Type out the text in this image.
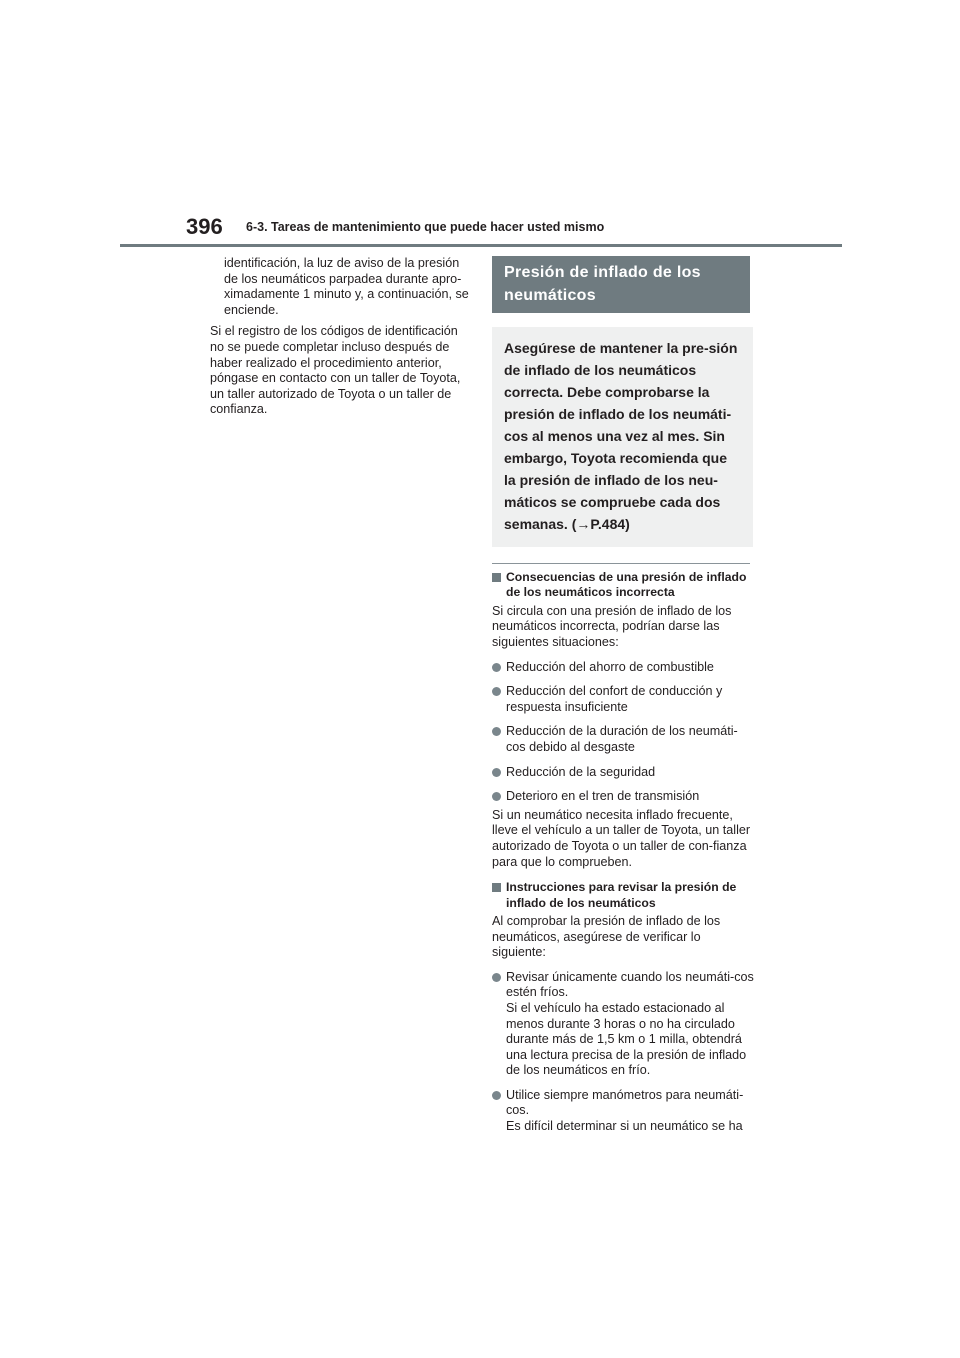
396 6-3. Tareas de mantenimiento que puede hacer usted mismo

identificación, la luz de aviso de la presión de los neumáticos parpadea durante apro-ximadamente 1 minuto y, a continuación, se enciende.

Si el registro de los códigos de identificación no se puede completar incluso después de haber realizado el procedimiento anterior, póngase en contacto con un taller de Toyota, un taller autorizado de Toyota o un taller de confianza.

Presión de inflado de los neumáticos
Asegúrese de mantener la pre-sión de inflado de los neumáticos correcta. Debe comprobarse la presión de inflado de los neumáti-cos al menos una vez al mes. Sin embargo, Toyota recomienda que la presión de inflado de los neu-máticos se compruebe cada dos semanas. (→P.484)
Consecuencias de una presión de inflado de los neumáticos incorrecta
Si circula con una presión de inflado de los neumáticos incorrecta, podrían darse las siguientes situaciones:
Reducción del ahorro de combustible
Reducción del confort de conducción y respuesta insuficiente
Reducción de la duración de los neumáti-cos debido al desgaste
Reducción de la seguridad
Deterioro en el tren de transmisión
Si un neumático necesita inflado frecuente, lleve el vehículo a un taller de Toyota, un taller autorizado de Toyota o un taller de con-fianza para que lo comprueben.
Instrucciones para revisar la presión de inflado de los neumáticos
Al comprobar la presión de inflado de los neumáticos, asegúrese de verificar lo siguiente:
Revisar únicamente cuando los neumáti-cos estén fríos.
Si el vehículo ha estado estacionado al menos durante 3 horas o no ha circulado durante más de 1,5 km o 1 milla, obtendrá una lectura precisa de la presión de inflado de los neumáticos en frío.
Utilice siempre manómetros para neumáti-cos.
Es difícil determinar si un neumático se ha
